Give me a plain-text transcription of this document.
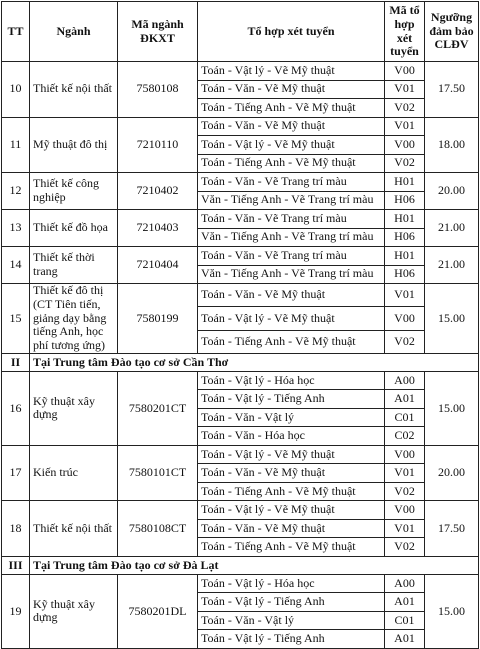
TT	Ngành	Mã ngành ĐKXT	Tổ hợp xét tuyển	Mã tổ hợp xét tuyển	Ngưỡng đảm bảo CLĐV
10	Thiết kế nội thất	7580108	Toán - Vật lý - Vẽ Mỹ thuật	V00	17.50
			Toán - Văn - Vẽ Mỹ thuật	V01	
			Toán - Tiếng Anh - Vẽ Mỹ thuật	V02	
11	Mỹ thuật đô thị	7210110	Toán - Văn - Vẽ Mỹ thuật	V01	18.00
			Toán - Vật lý - Vẽ Mỹ thuật	V00	
			Toán - Tiếng Anh - Vẽ Mỹ thuật	V02	
12	Thiết kế công nghiệp	7210402	Toán - Văn - Vẽ Trang trí màu	H01	20.00
			Văn - Tiếng Anh - Vẽ Trang trí màu	H06	
13	Thiết kế đồ họa	7210403	Toán - Văn - Vẽ Trang trí màu	H01	21.00
			Văn - Tiếng Anh - Vẽ Trang trí màu	H06	
14	Thiết kế thời trang	7210404	Toán - Văn - Vẽ Trang trí màu	H01	21.00
			Văn - Tiếng Anh - Vẽ Trang trí màu	H06	
15	Thiết kế đô thị (CT Tiên tiến, giảng dạy bằng tiếng Anh, học phí tương ứng)	7580199	Toán - Văn - Vẽ Mỹ thuật	V01	15.00
			Toán - Vật lý - Vẽ Mỹ thuật	V00	
			Toán - Tiếng Anh - Vẽ Mỹ thuật	V02	
II	Tại Trung tâm Đào tạo cơ sở Cần Thơ				
16	Kỹ thuật xây dựng	7580201CT	Toán - Vật lý - Hóa học	A00	15.00
			Toán - Vật lý - Tiếng Anh	A01	
			Toán - Văn - Vật lý	C01	
			Toán - Văn - Hóa học	C02	
17	Kiến trúc	7580101CT	Toán - Vật lý - Vẽ Mỹ thuật	V00	20.00
			Toán - Văn - Vẽ Mỹ thuật	V01	
			Toán - Tiếng Anh - Vẽ Mỹ thuật	V02	
18	Thiết kế nội thất	7580108CT	Toán - Vật lý - Vẽ Mỹ thuật	V00	17.50
			Toán - Văn - Vẽ Mỹ thuật	V01	
			Toán - Tiếng Anh - Vẽ Mỹ thuật	V02	
III	Tại Trung tâm Đào tạo cơ sở Đà Lạt				
19	Kỹ thuật xây dựng	7580201DL	Toán - Vật lý - Hóa học	A00	15.00
			Toán - Vật lý - Tiếng Anh	A01	
			Toán - Văn - Vật lý	C01	
			Toán - Vật lý - Tiếng Anh	A01	
